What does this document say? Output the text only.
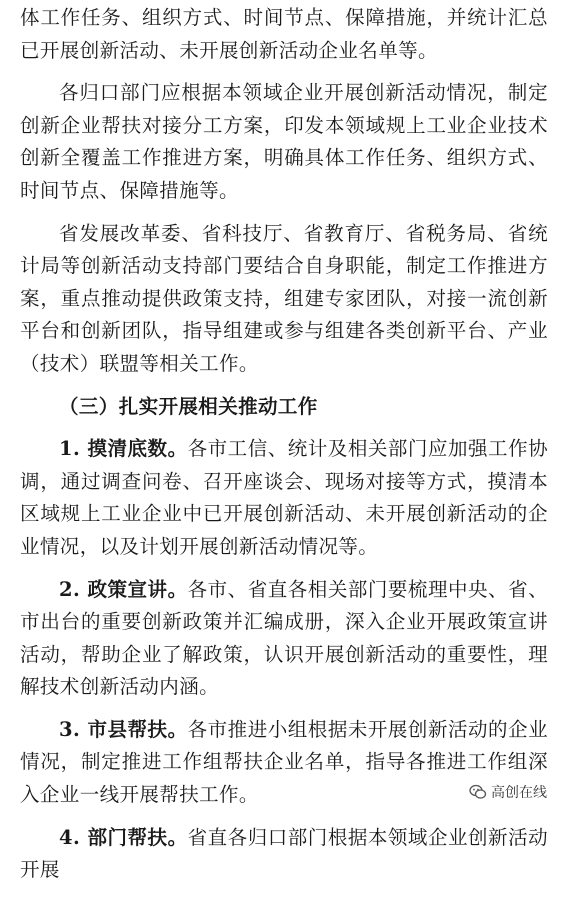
体工作任务、组织方式、时间节点、保障措施，并统计汇总已开展创新活动、未开展创新活动企业名单等。
各归口部门应根据本领域企业开展创新活动情况，制定创新企业帮扶对接分工方案，印发本领域规上工业企业技术创新全覆盖工作推进方案，明确具体工作任务、组织方式、时间节点、保障措施等。
省发展改革委、省科技厅、省教育厅、省税务局、省统计局等创新活动支持部门要结合自身职能，制定工作推进方案，重点推动提供政策支持，组建专家团队，对接一流创新平台和创新团队，指导组建或参与组建各类创新平台、产业（技术）联盟等相关工作。
（三）扎实开展相关推动工作
1. 摸清底数。各市工信、统计及相关部门应加强工作协调，通过调查问卷、召开座谈会、现场对接等方式，摸清本区域规上工业企业中已开展创新活动、未开展创新活动的企业情况，以及计划开展创新活动情况等。
2. 政策宣讲。各市、省直各相关部门要梳理中央、省、市出台的重要创新政策并汇编成册，深入企业开展政策宣讲活动，帮助企业了解政策，认识开展创新活动的重要性，理解技术创新活动内涵。
3. 市县帮扶。各市推进小组根据未开展创新活动的企业情况，制定推进工作组帮扶企业名单，指导各推进工作组深入企业一线开展帮扶工作。
4. 部门帮扶。省直各归口部门根据本领域企业创新活动开展
高创在线
